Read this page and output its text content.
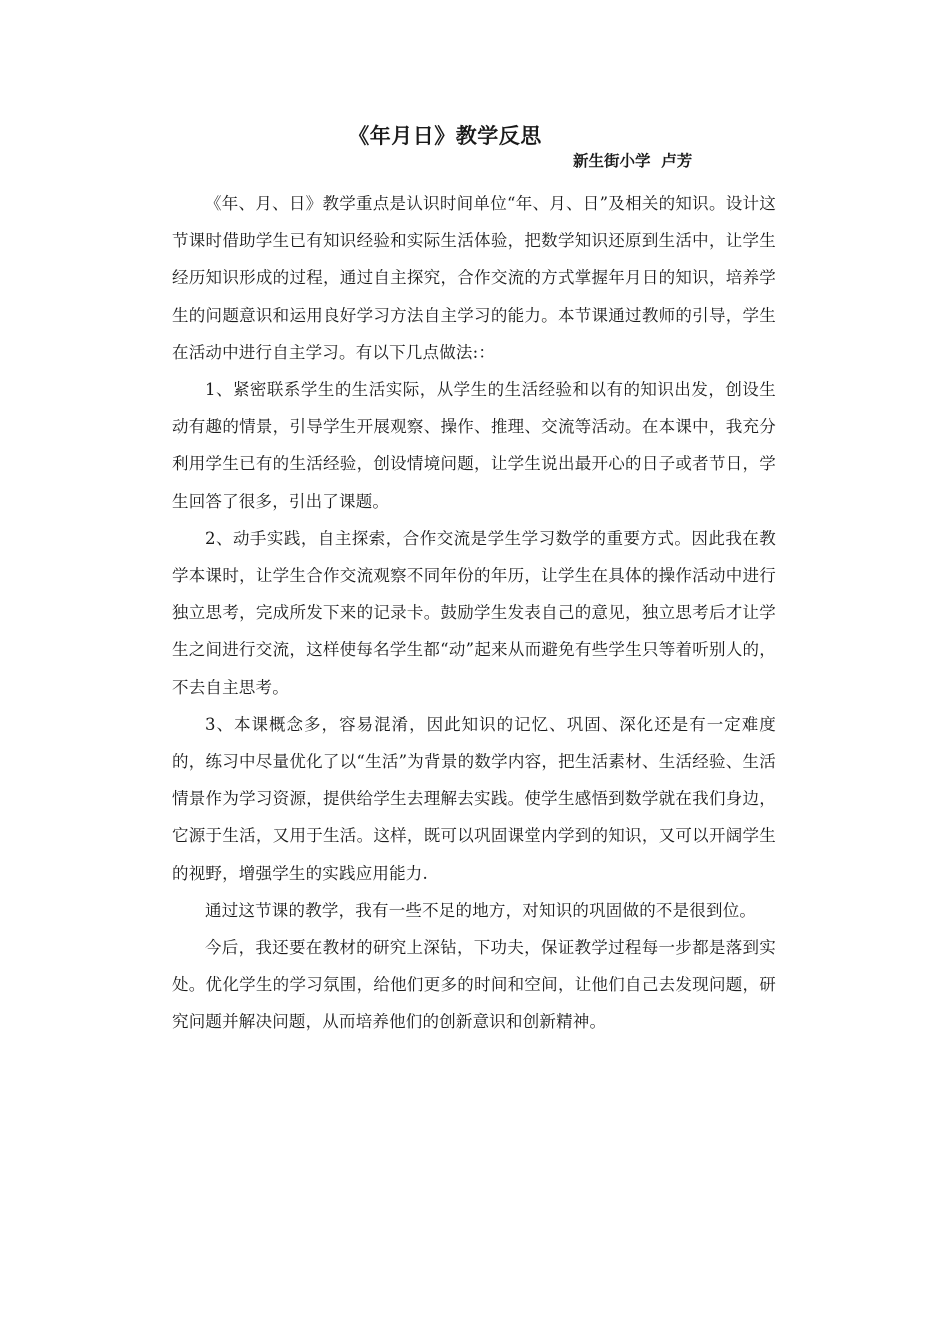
《年月日》教学反思
新生街小学  卢芳

《年、月、日》教学重点是认识时间单位“年、月、日”及相关的知识。设计这节课时借助学生已有知识经验和实际生活体验，把数学知识还原到生活中，让学生经历知识形成的过程，通过自主探究，合作交流的方式掌握年月日的知识，培养学生的问题意识和运用良好学习方法自主学习的能力。本节课通过教师的引导，学生在活动中进行自主学习。有以下几点做法:：

1、紧密联系学生的生活实际，从学生的生活经验和以有的知识出发，创设生动有趣的情景，引导学生开展观察、操作、推理、交流等活动。在本课中，我充分利用学生已有的生活经验，创设情境问题，让学生说出最开心的日子或者节日，学生回答了很多，引出了课题。

2、动手实践，自主探索，合作交流是学生学习数学的重要方式。因此我在教学本课时，让学生合作交流观察不同年份的年历，让学生在具体的操作活动中进行独立思考，完成所发下来的记录卡。鼓励学生发表自己的意见，独立思考后才让学生之间进行交流，这样使每名学生都“动”起来从而避免有些学生只等着听别人的，不去自主思考。

3、本课概念多，容易混淆，因此知识的记忆、巩固、深化还是有一定难度的，练习中尽量优化了以“生活”为背景的数学内容，把生活素材、生活经验、生活情景作为学习资源，提供给学生去理解去实践。使学生感悟到数学就在我们身边，它源于生活，又用于生活。这样，既可以巩固课堂内学到的知识，又可以开阔学生的视野，增强学生的实践应用能力.

通过这节课的教学，我有一些不足的地方，对知识的巩固做的不是很到位。

今后，我还要在教材的研究上深钻，下功夫，保证教学过程每一步都是落到实处。优化学生的学习氛围，给他们更多的时间和空间，让他们自己去发现问题，研究问题并解决问题，从而培养他们的创新意识和创新精神。
